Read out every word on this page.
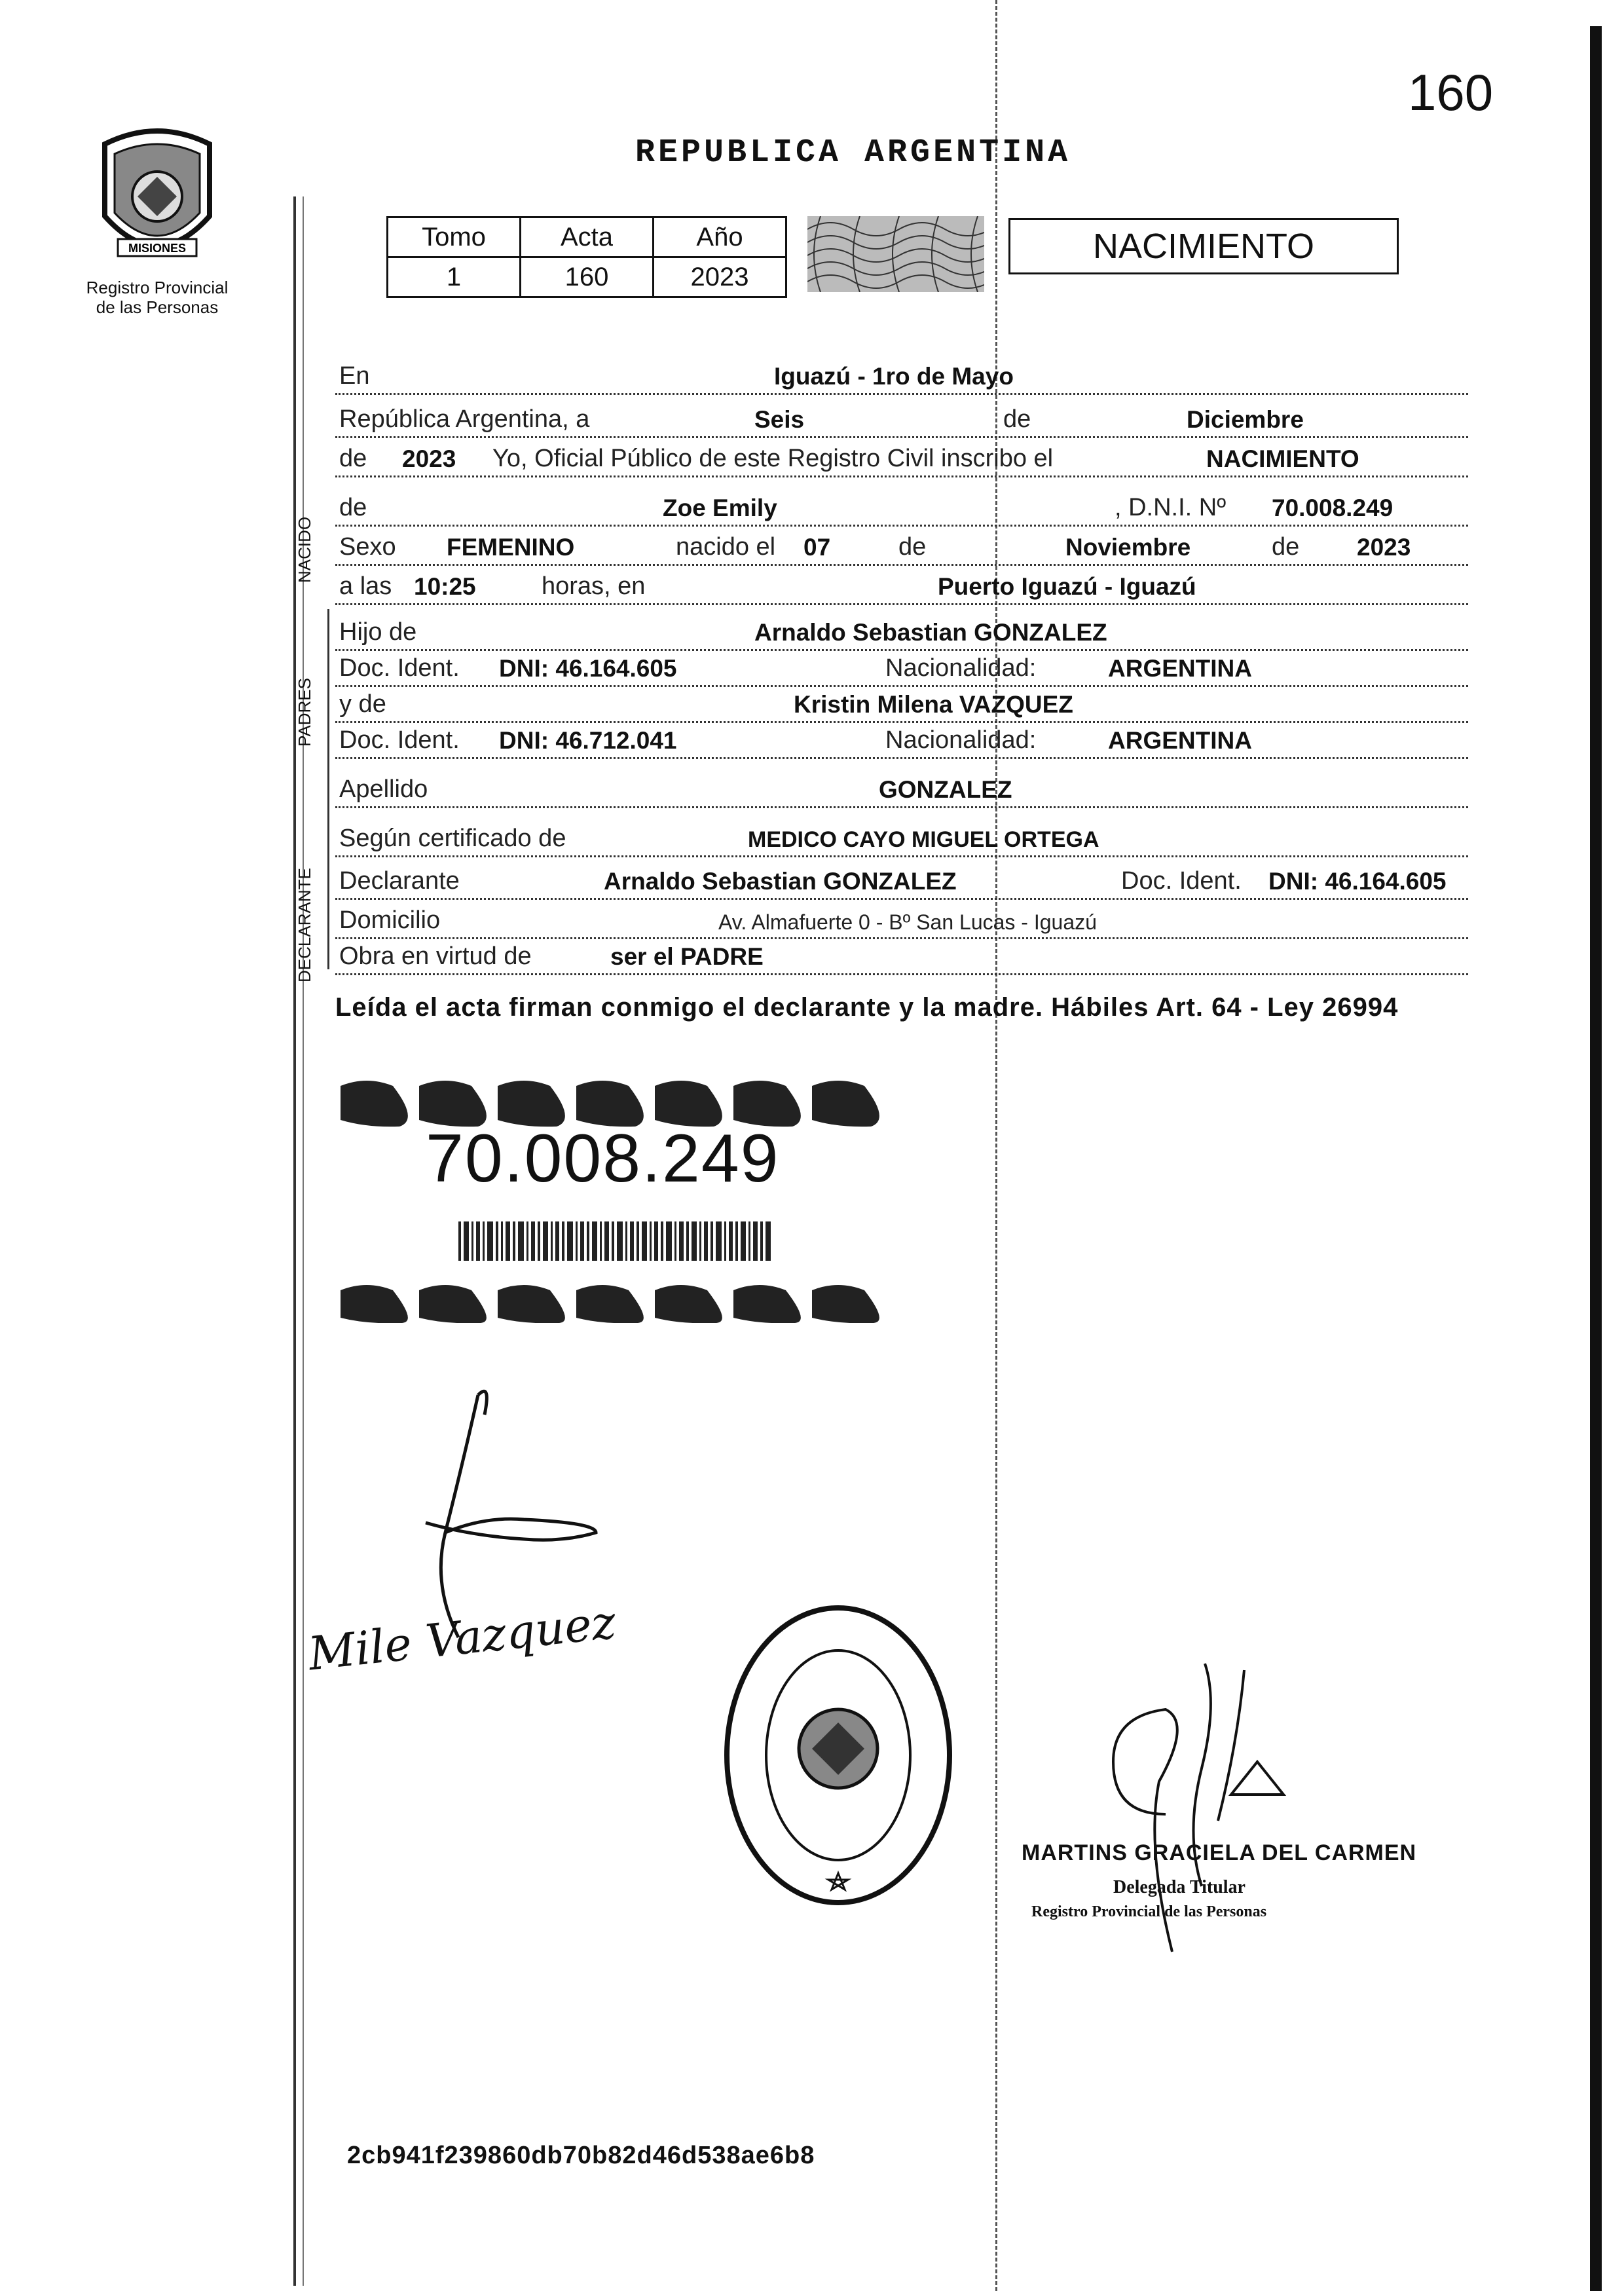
160
MISIONES
Registro Provincial
de las Personas
REPUBLICA ARGENTINA
Tomo	Acta	Año
1	160	2023
NACIMIENTO
En	Iguazú - 1ro de Mayo
República Argentina, a	Seis	de	Diciembre
de 2023 Yo, Oficial Público de este Registro Civil inscribo el	NACIMIENTO
de	Zoe Emily	, D.N.I. Nº 70.008.249
Sexo FEMENINO	nacido el 07	de	Noviembre	de 2023
a las 10:25	horas, en	Puerto Iguazú - Iguazú
Hijo de	Arnaldo Sebastian GONZALEZ
Doc. Ident. DNI: 46.164.605	Nacionalidad:	ARGENTINA
y de	Kristin Milena VAZQUEZ
Doc. Ident. DNI: 46.712.041	Nacionalidad:	ARGENTINA
Apellido	GONZALEZ
Según certificado de	MEDICO CAYO MIGUEL ORTEGA
Declarante	Arnaldo Sebastian GONZALEZ	Doc. Ident. DNI: 46.164.605
Domicilio	Av. Almafuerte 0 - Bº San Lucas - Iguazú
Obra en virtud de	ser el PADRE
NACIDO
PADRES
DECLARANTE
Leída el acta firman conmigo el declarante y la madre. Hábiles Art. 64 - Ley 26994
70.008.249
Mile Vazquez
MARTINS GRACIELA DEL CARMEN
Delegada Titular
Registro Provincial de las Personas
2cb941f239860db70b82d46d538ae6b8
